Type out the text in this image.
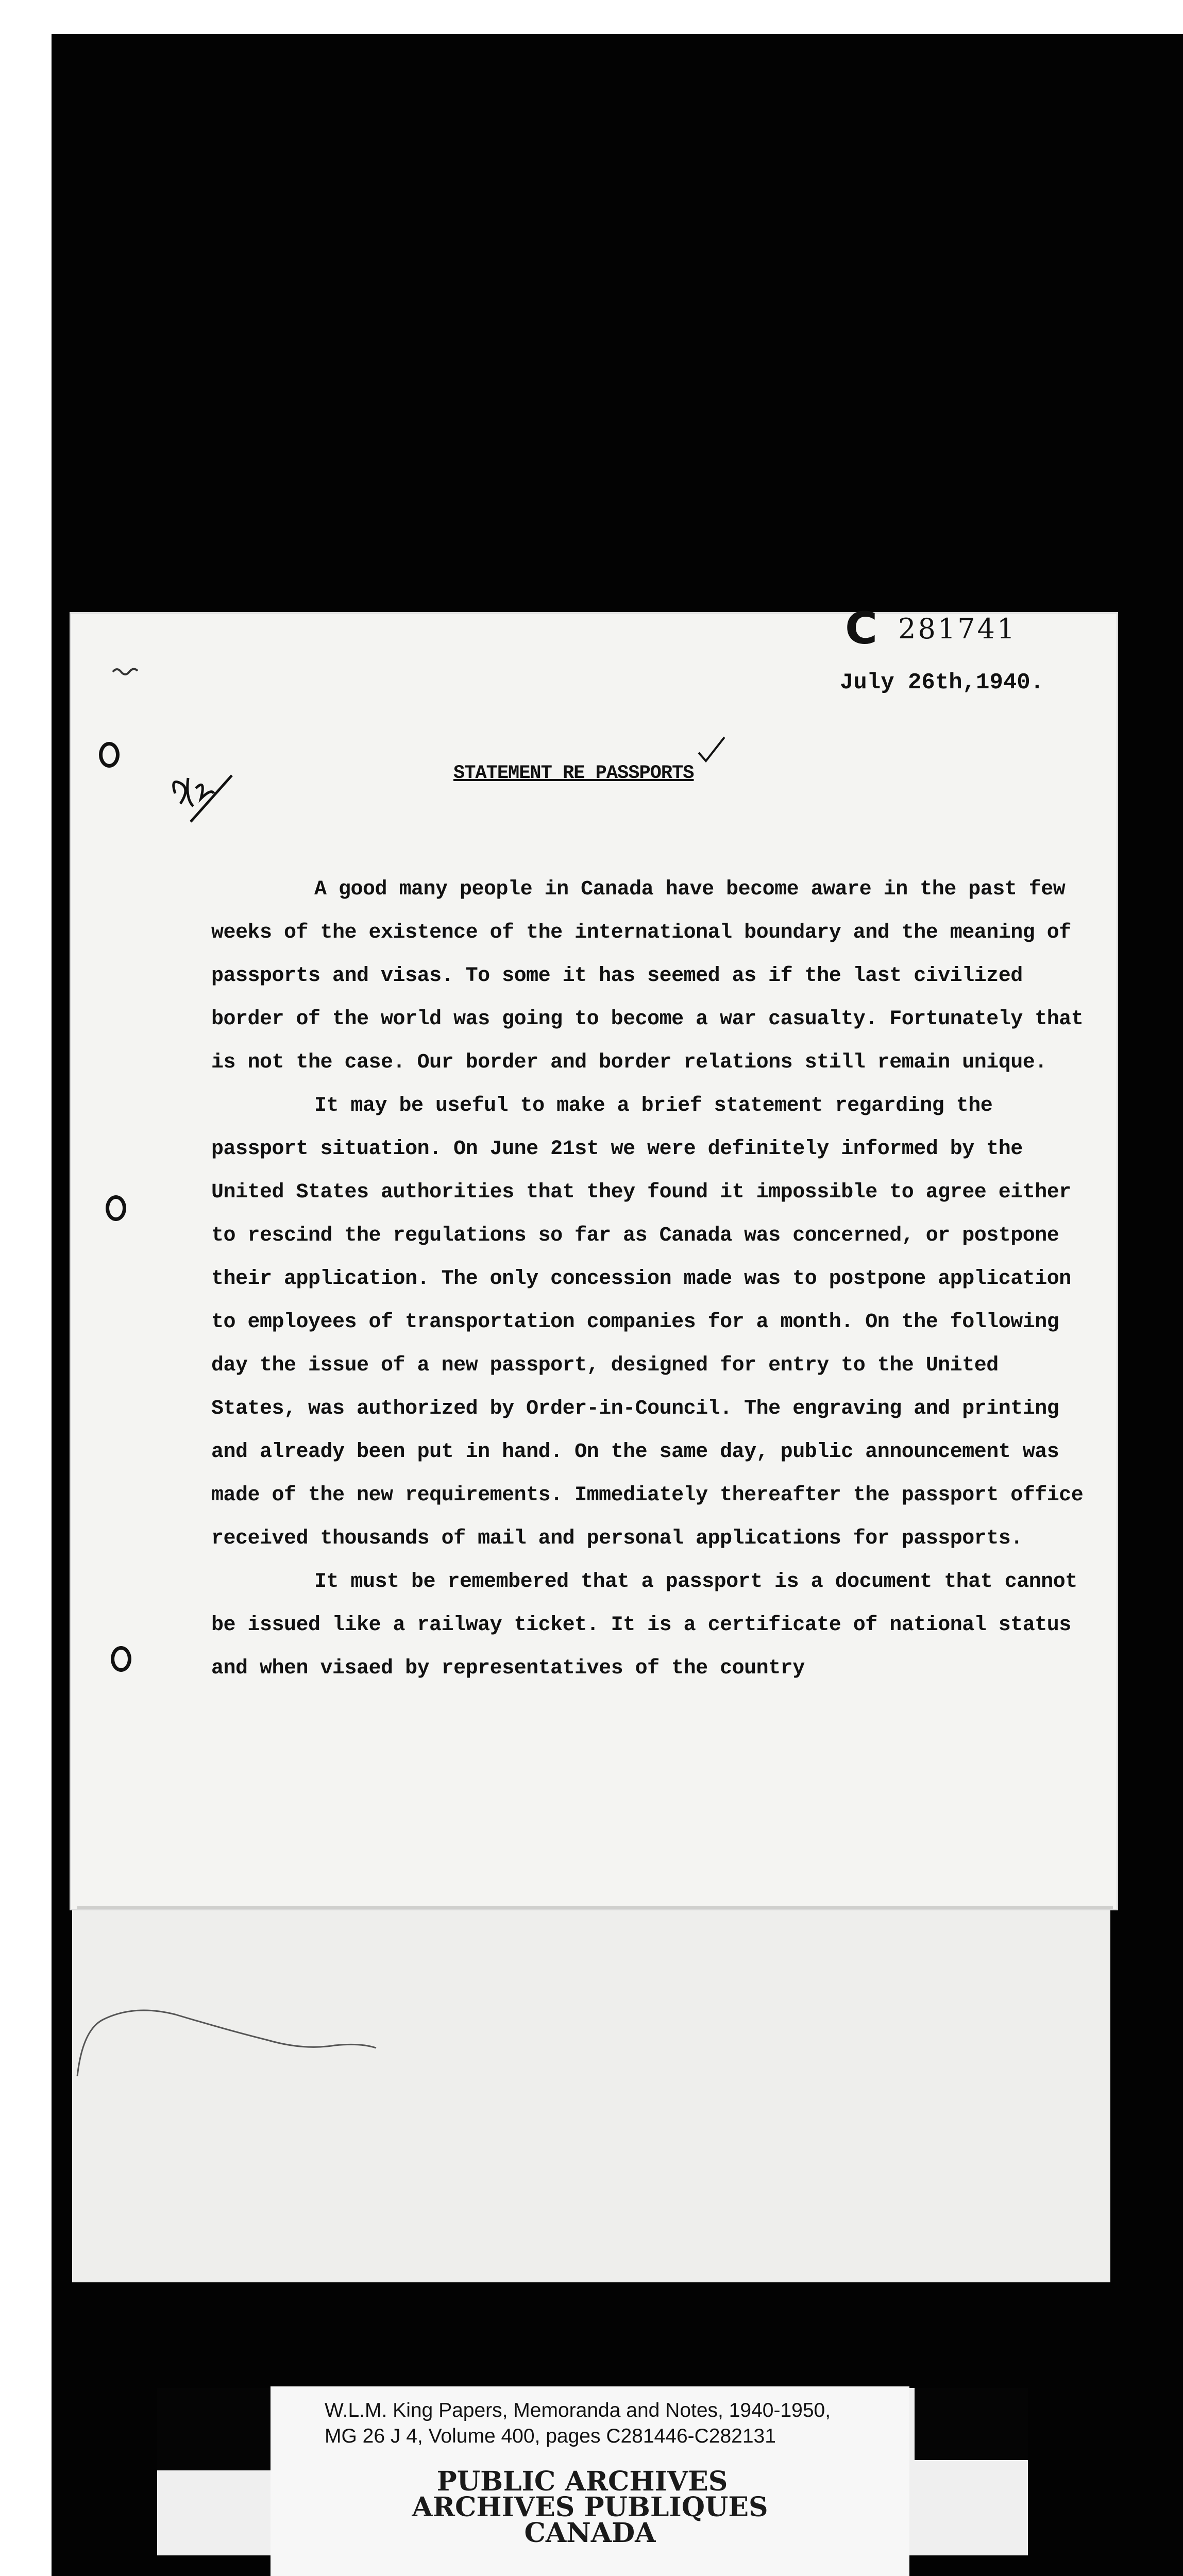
C 281741
July 26th,1940.
STATEMENT RE PASSPORTS

A good many people in Canada have become aware in the past few weeks of the existence of the international boundary and the meaning of passports and visas. To some it has seemed as if the last civilized border of the world was going to become a war casualty. Fortunately that is not the case. Our border and border relations still remain unique.

It may be useful to make a brief statement regarding the passport situation. On June 21st we were definitely informed by the United States authorities that they found it impossible to agree either to rescind the regulations so far as Canada was concerned, or postpone their application. The only concession made was to postpone application to employees of transportation companies for a month. On the following day the issue of a new passport, designed for entry to the United States, was authorized by Order-in-Council. The engraving and printing and already been put in hand. On the same day, public announcement was made of the new requirements. Immediately thereafter the passport office received thousands of mail and personal applications for passports.

It must be remembered that a passport is a document that cannot be issued like a railway ticket. It is a certificate of national status and when visaed by representatives of the country

W.L.M. King Papers, Memoranda and Notes, 1940-1950,
MG 26 J 4, Volume 400, pages C281446-C282131
PUBLIC ARCHIVES
ARCHIVES PUBLIQUES
CANADA
